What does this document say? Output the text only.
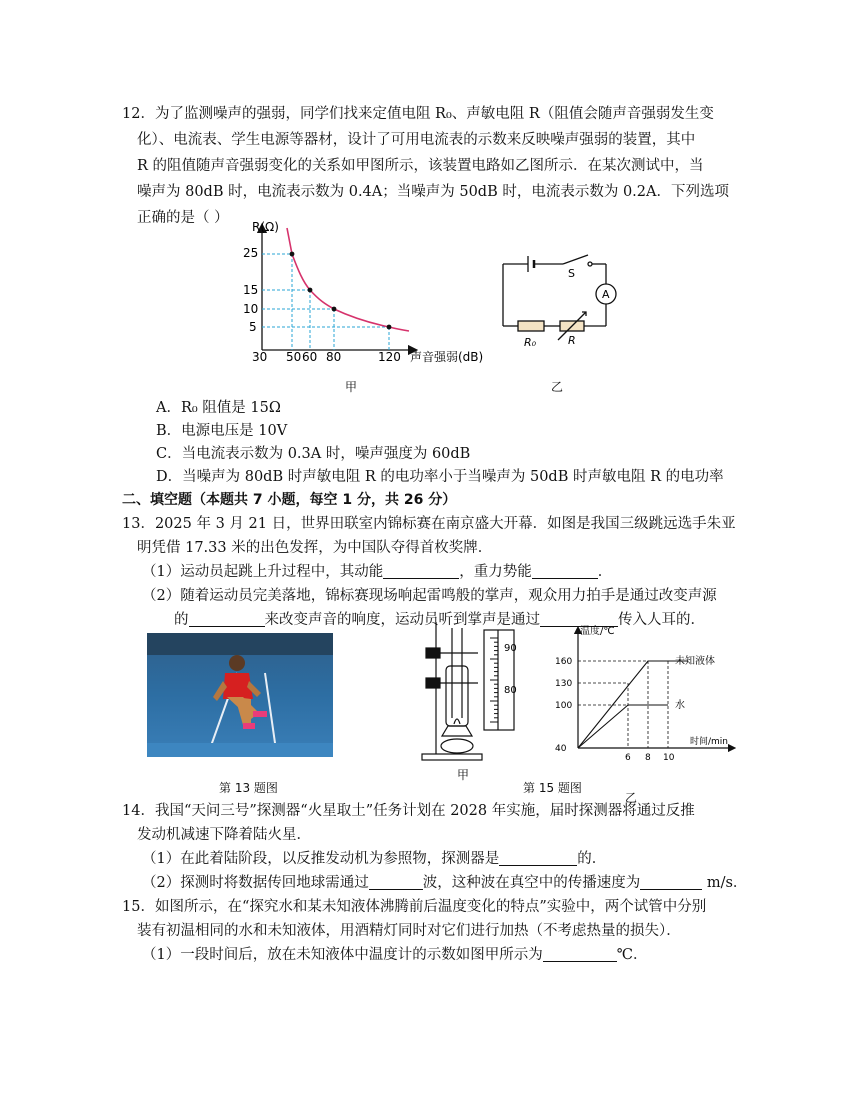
12．为了监测噪声的强弱，同学们找来定值电阻 R₀、声敏电阻 R（阻值会随声音强弱发生变
化）、电流表、学生电源等器材，设计了可用电流表的示数来反映噪声强弱的装置，其中
R 的阻值随声音强弱变化的关系如甲图所示，该装置电路如乙图所示．在某次测试中，当
噪声为 80dB 时，电流表示数为 0.4A；当噪声为 50dB 时，电流表示数为 0.2A．下列选项
正确的是（ ）
R(Ω)
声音强弱(dB)
25
15
10
5
30 50 60 80	120
甲
S
A
R₀	R
乙
A．R₀ 阻值是 15Ω
B．电源电压是 10V
C．当电流表示数为 0.3A 时，噪声强度为 60dB
D．当噪声为 80dB 时声敏电阻 R 的电功率小于当噪声为 50dB 时声敏电阻 R 的电功率
二、填空题（本题共 7 小题，每空 1 分，共 26 分）
13．2025 年 3 月 21 日，世界田联室内锦标赛在南京盛大开幕．如图是我国三级跳远选手朱亚
明凭借 17.33 米的出色发挥，为中国队夺得首枚奖牌．
（1）运动员起跳上升过程中，其动能	，重力势能	．
（2）随着运动员完美落地，锦标赛现场响起雷鸣般的掌声，观众用力拍手是通过改变声源
的	来改变声音的响度，运动员听到掌声是通过	传入人耳的．
第 13 题图
90
80
甲
温度/℃
时间/min
160
130
100
40
6 8 10
未知液体
水
第 15 题图
乙
14．我国“天问三号”探测器“火星取土”任务计划在 2028 年实施，届时探测器将通过反推
发动机减速下降着陆火星．
（1）在此着陆阶段，以反推发动机为参照物，探测器是	的．
（2）探测时将数据传回地球需通过	波，这种波在真空中的传播速度为	m/s．
15．如图所示，在“探究水和某未知液体沸腾前后温度变化的特点”实验中，两个试管中分别
装有初温相同的水和未知液体，用酒精灯同时对它们进行加热（不考虑热量的损失）．
（1）一段时间后，放在未知液体中温度计的示数如图甲所示为	℃．
